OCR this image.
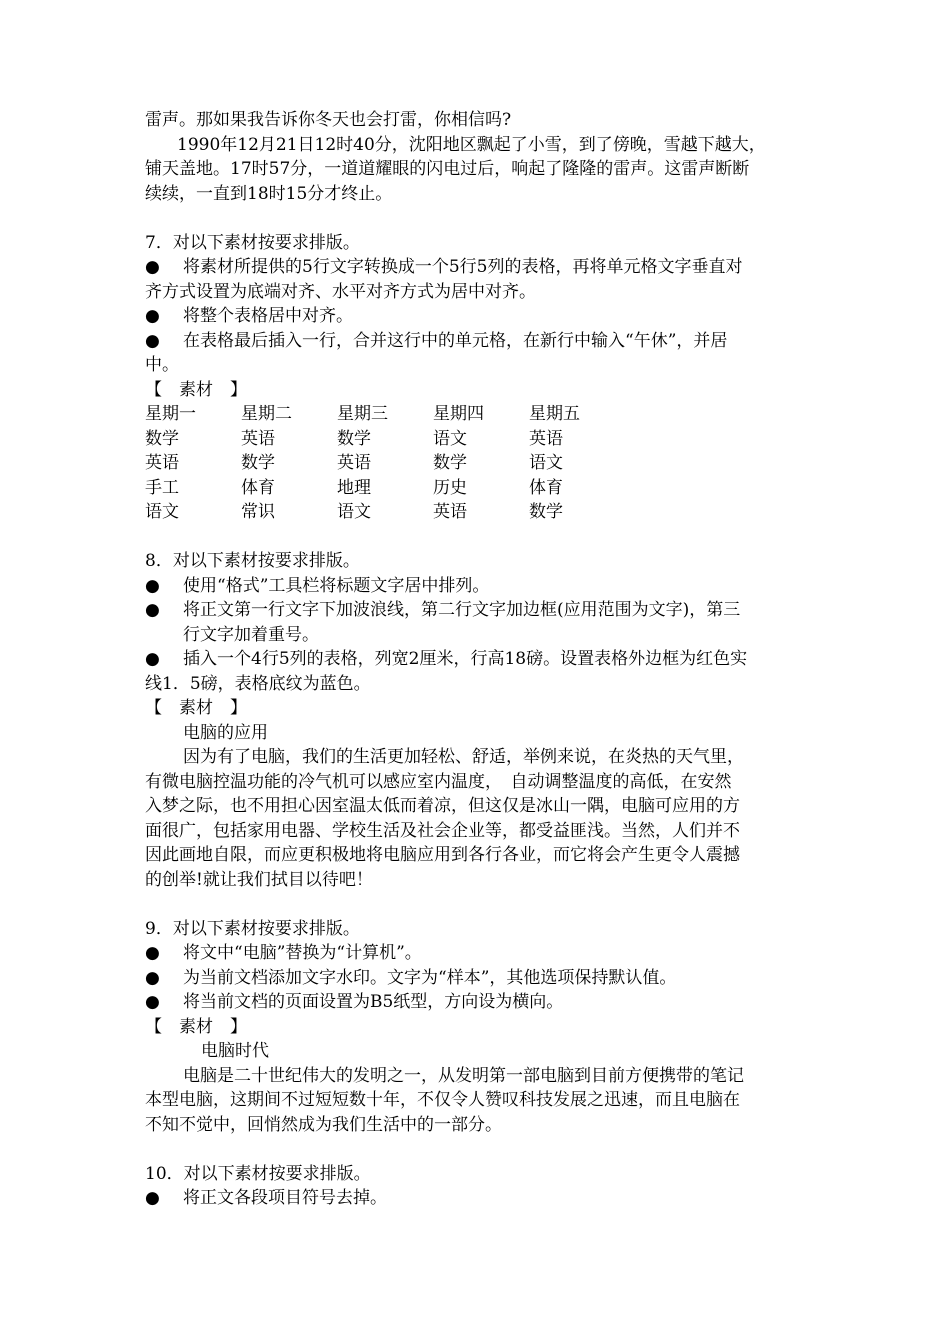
雷声。那如果我告诉你冬天也会打雷，你相信吗?
1990年12月21日12时40分，沈阳地区飘起了小雪，到了傍晚，雪越下越大，
铺天盖地。17时57分，一道道耀眼的闪电过后，响起了隆隆的雷声。这雷声断断
续续，一直到18时15分才终止。
7．对以下素材按要求排版。
● 将素材所提供的5行文字转换成一个5行5列的表格，再将单元格文字垂直对
齐方式设置为底端对齐、水平对齐方式为居中对齐。
● 将整个表格居中对齐。
● 在表格最后插入一行，合并这行中的单元格，在新行中输入“午休”，并居
中。
【　素材　】
星期一	星期二	星期三	星期四	星期五
数学	英语	数学	语文	英语
英语	数学	英语	数学	语文
手工	体育	地理	历史	体育
语文	常识	语文	英语	数学
8．对以下素材按要求排版。
● 使用“格式”工具栏将标题文字居中排列。
● 将正文第一行文字下加波浪线，第二行文字加边框(应用范围为文字)，第三
行文字加着重号。
● 插入一个4行5列的表格，列宽2厘米，行高18磅。设置表格外边框为红色实
线1．5磅，表格底纹为蓝色。
【　素材　】
电脑的应用
因为有了电脑，我们的生活更加轻松、舒适，举例来说，在炎热的天气里，
有微电脑控温功能的冷气机可以感应室内温度，　自动调整温度的高低，在安然
入梦之际，也不用担心因室温太低而着凉，但这仅是冰山一隅，电脑可应用的方
面很广，包括家用电器、学校生活及社会企业等，都受益匪浅。当然，人们并不
因此画地自限，而应更积极地将电脑应用到各行各业，而它将会产生更令人震撼
的创举!就让我们拭目以待吧！
9．对以下素材按要求排版。
● 将文中“电脑”替换为“计算机”。
● 为当前文档添加文字水印。文字为“样本”，其他选项保持默认值。
● 将当前文档的页面设置为B5纸型，方向设为横向。
【　素材　】
电脑时代
电脑是二十世纪伟大的发明之一，从发明第一部电脑到目前方便携带的笔记
本型电脑，这期间不过短短数十年，不仅令人赞叹科技发展之迅速，而且电脑在
不知不觉中，回悄然成为我们生活中的一部分。
10．对以下素材按要求排版。
● 将正文各段项目符号去掉。
